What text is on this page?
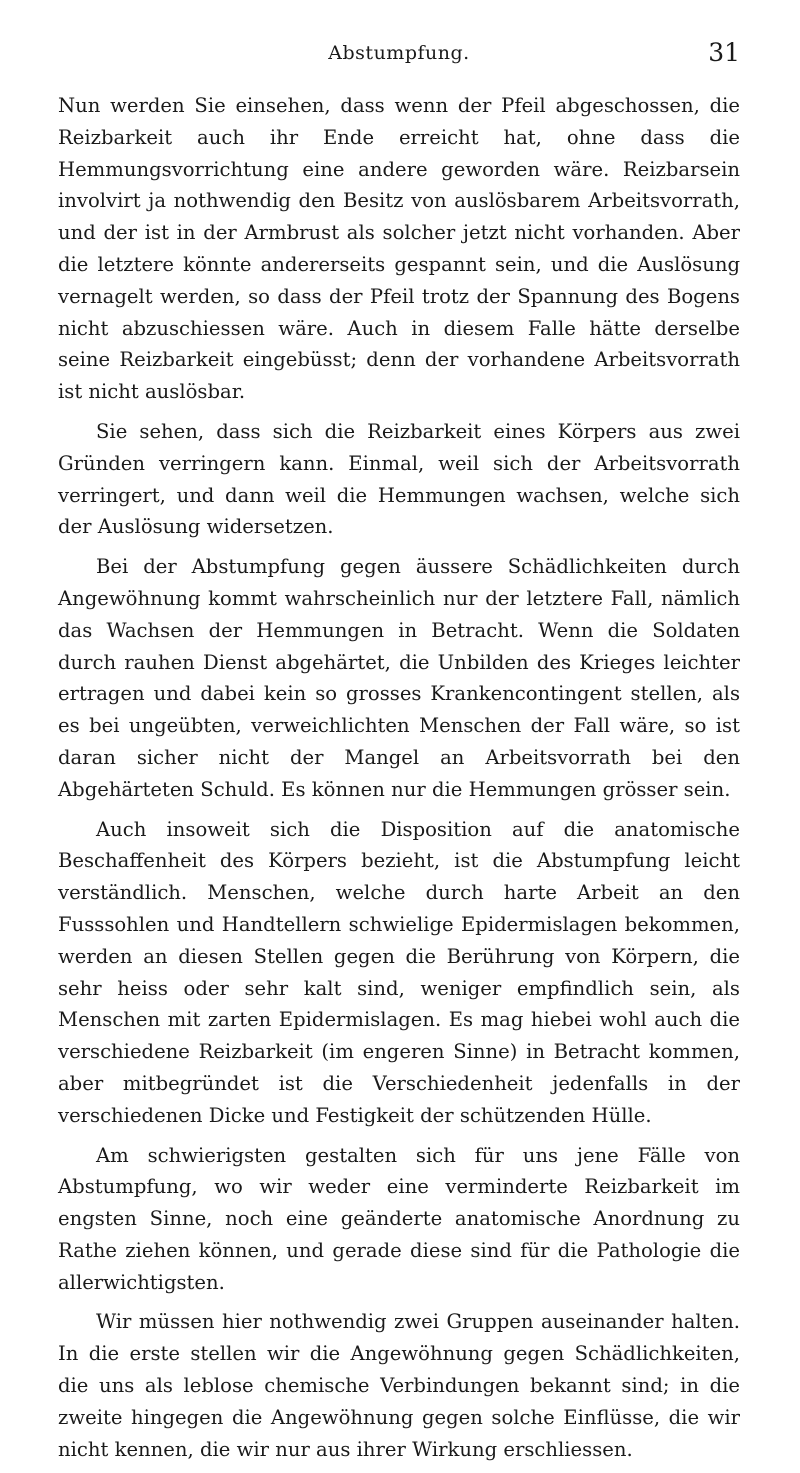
Abstumpfung.	31

Nun werden Sie einsehen, dass wenn der Pfeil abgeschossen, die Reizbarkeit auch ihr Ende erreicht hat, ohne dass die Hemmungsvorrichtung eine andere geworden wäre. Reizbarsein involvirt ja nothwendig den Besitz von auslösbarem Arbeitsvorrath, und der ist in der Armbrust als solcher jetzt nicht vorhanden. Aber die letztere könnte andererseits gespannt sein, und die Auslösung vernagelt werden, so dass der Pfeil trotz der Spannung des Bogens nicht abzuschiessen wäre. Auch in diesem Falle hätte derselbe seine Reizbarkeit eingebüsst; denn der vorhandene Arbeitsvorrath ist nicht auslösbar.

Sie sehen, dass sich die Reizbarkeit eines Körpers aus zwei Gründen verringern kann. Einmal, weil sich der Arbeitsvorrath verringert, und dann weil die Hemmungen wachsen, welche sich der Auslösung widersetzen.

Bei der Abstumpfung gegen äussere Schädlichkeiten durch Angewöhnung kommt wahrscheinlich nur der letztere Fall, nämlich das Wachsen der Hemmungen in Betracht. Wenn die Soldaten durch rauhen Dienst abgehärtet, die Unbilden des Krieges leichter ertragen und dabei kein so grosses Krankencontingent stellen, als es bei ungeübten, verweichlichten Menschen der Fall wäre, so ist daran sicher nicht der Mangel an Arbeitsvorrath bei den Abgehärteten Schuld. Es können nur die Hemmungen grösser sein.

Auch insoweit sich die Disposition auf die anatomische Beschaffenheit des Körpers bezieht, ist die Abstumpfung leicht verständlich. Menschen, welche durch harte Arbeit an den Fusssohlen und Handtellern schwielige Epidermislagen bekommen, werden an diesen Stellen gegen die Berührung von Körpern, die sehr heiss oder sehr kalt sind, weniger empfindlich sein, als Menschen mit zarten Epidermislagen. Es mag hiebei wohl auch die verschiedene Reizbarkeit (im engeren Sinne) in Betracht kommen, aber mitbegründet ist die Verschiedenheit jedenfalls in der verschiedenen Dicke und Festigkeit der schützenden Hülle.

Am schwierigsten gestalten sich für uns jene Fälle von Abstumpfung, wo wir weder eine verminderte Reizbarkeit im engsten Sinne, noch eine geänderte anatomische Anordnung zu Rathe ziehen können, und gerade diese sind für die Pathologie die allerwichtigsten.

Wir müssen hier nothwendig zwei Gruppen auseinander halten. In die erste stellen wir die Angewöhnung gegen Schädlichkeiten, die uns als leblose chemische Verbindungen bekannt sind; in die zweite hingegen die Angewöhnung gegen solche Einflüsse, die wir nicht kennen, die wir nur aus ihrer Wirkung erschliessen.
